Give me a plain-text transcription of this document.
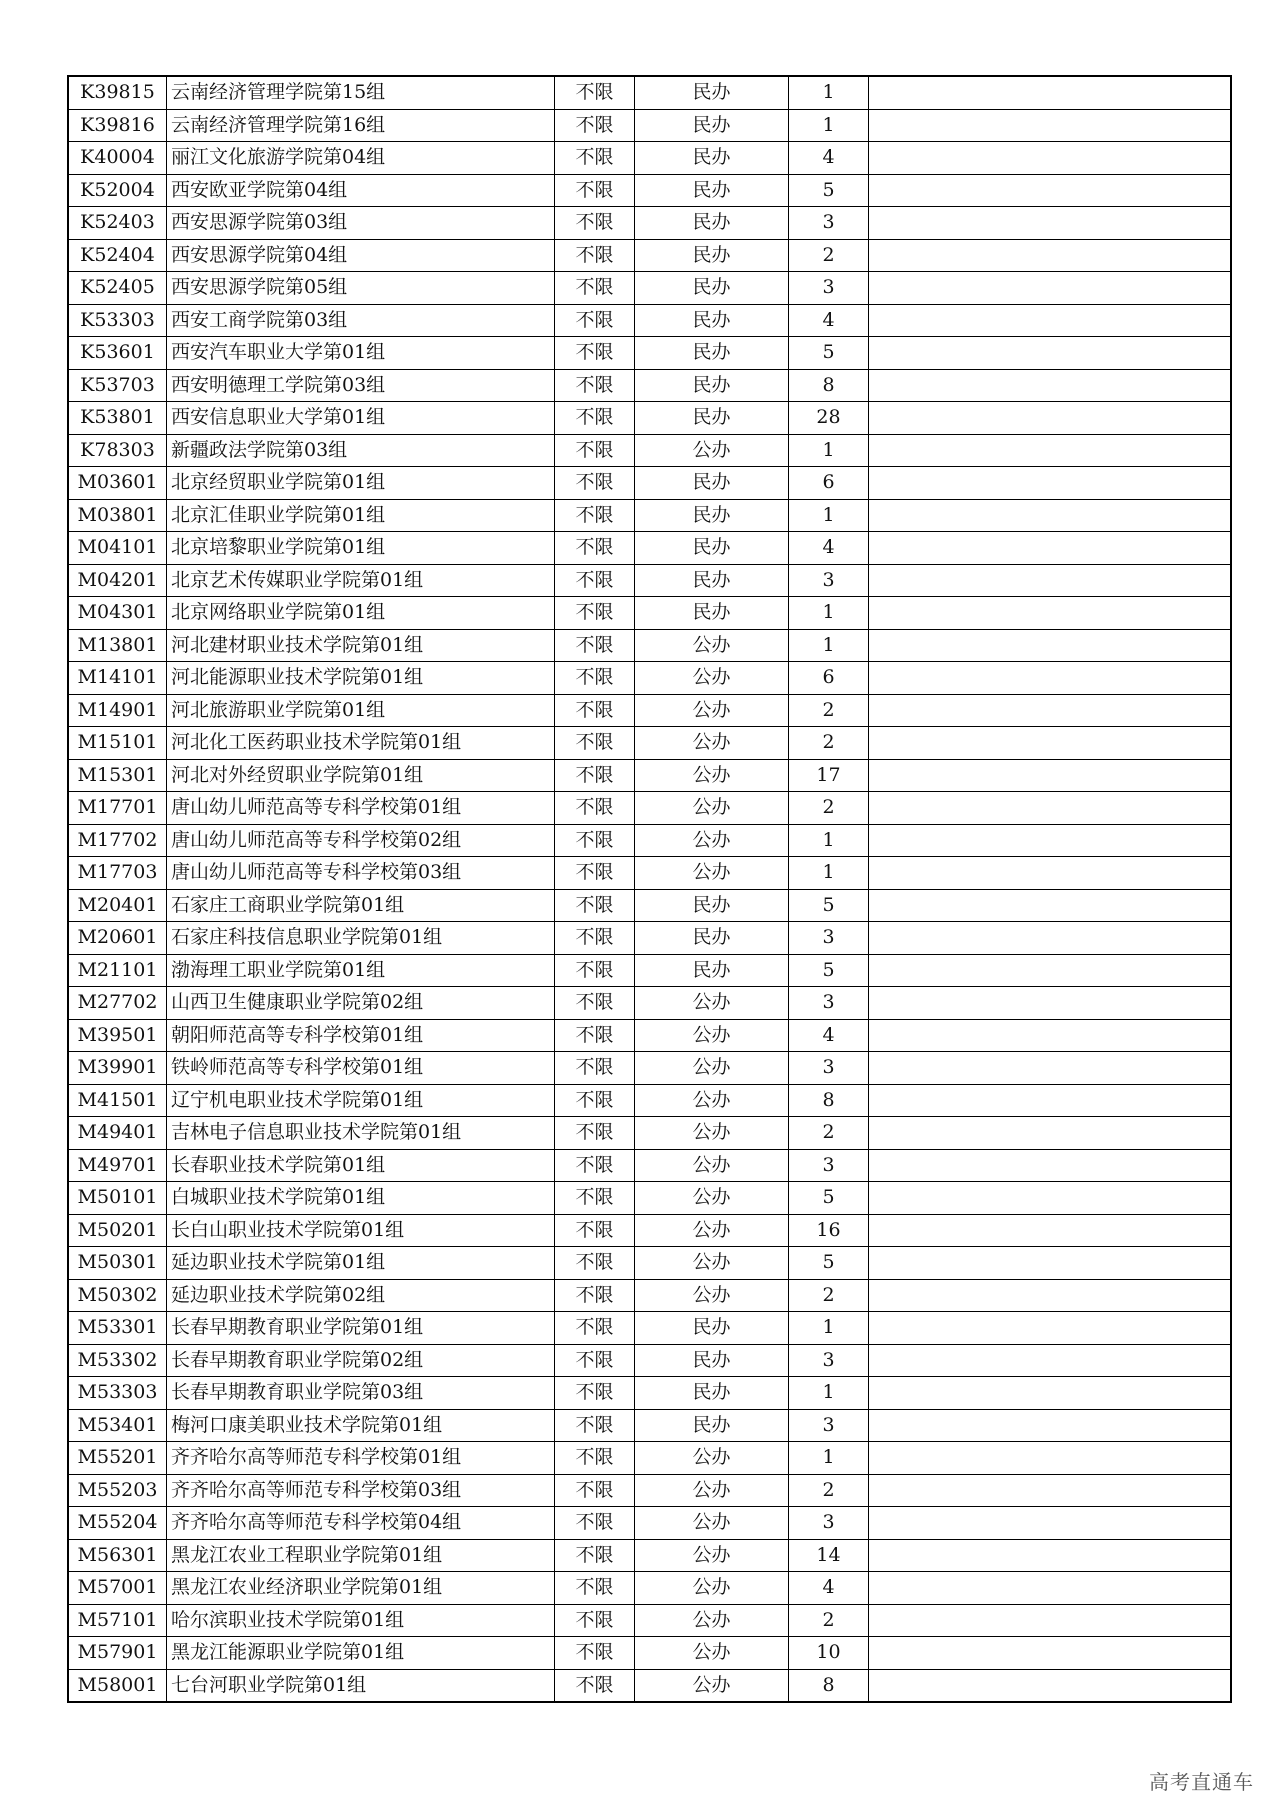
K39815	云南经济管理学院第15组	不限	民办	1	
K39816	云南经济管理学院第16组	不限	民办	1	
K40004	丽江文化旅游学院第04组	不限	民办	4	
K52004	西安欧亚学院第04组	不限	民办	5	
K52403	西安思源学院第03组	不限	民办	3	
K52404	西安思源学院第04组	不限	民办	2	
K52405	西安思源学院第05组	不限	民办	3	
K53303	西安工商学院第03组	不限	民办	4	
K53601	西安汽车职业大学第01组	不限	民办	5	
K53703	西安明德理工学院第03组	不限	民办	8	
K53801	西安信息职业大学第01组	不限	民办	28	
K78303	新疆政法学院第03组	不限	公办	1	
M03601	北京经贸职业学院第01组	不限	民办	6	
M03801	北京汇佳职业学院第01组	不限	民办	1	
M04101	北京培黎职业学院第01组	不限	民办	4	
M04201	北京艺术传媒职业学院第01组	不限	民办	3	
M04301	北京网络职业学院第01组	不限	民办	1	
M13801	河北建材职业技术学院第01组	不限	公办	1	
M14101	河北能源职业技术学院第01组	不限	公办	6	
M14901	河北旅游职业学院第01组	不限	公办	2	
M15101	河北化工医药职业技术学院第01组	不限	公办	2	
M15301	河北对外经贸职业学院第01组	不限	公办	17	
M17701	唐山幼儿师范高等专科学校第01组	不限	公办	2	
M17702	唐山幼儿师范高等专科学校第02组	不限	公办	1	
M17703	唐山幼儿师范高等专科学校第03组	不限	公办	1	
M20401	石家庄工商职业学院第01组	不限	民办	5	
M20601	石家庄科技信息职业学院第01组	不限	民办	3	
M21101	渤海理工职业学院第01组	不限	民办	5	
M27702	山西卫生健康职业学院第02组	不限	公办	3	
M39501	朝阳师范高等专科学校第01组	不限	公办	4	
M39901	铁岭师范高等专科学校第01组	不限	公办	3	
M41501	辽宁机电职业技术学院第01组	不限	公办	8	
M49401	吉林电子信息职业技术学院第01组	不限	公办	2	
M49701	长春职业技术学院第01组	不限	公办	3	
M50101	白城职业技术学院第01组	不限	公办	5	
M50201	长白山职业技术学院第01组	不限	公办	16	
M50301	延边职业技术学院第01组	不限	公办	5	
M50302	延边职业技术学院第02组	不限	公办	2	
M53301	长春早期教育职业学院第01组	不限	民办	1	
M53302	长春早期教育职业学院第02组	不限	民办	3	
M53303	长春早期教育职业学院第03组	不限	民办	1	
M53401	梅河口康美职业技术学院第01组	不限	民办	3	
M55201	齐齐哈尔高等师范专科学校第01组	不限	公办	1	
M55203	齐齐哈尔高等师范专科学校第03组	不限	公办	2	
M55204	齐齐哈尔高等师范专科学校第04组	不限	公办	3	
M56301	黑龙江农业工程职业学院第01组	不限	公办	14	
M57001	黑龙江农业经济职业学院第01组	不限	公办	4	
M57101	哈尔滨职业技术学院第01组	不限	公办	2	
M57901	黑龙江能源职业学院第01组	不限	公办	10	
M58001	七台河职业学院第01组	不限	公办	8	
高考直通车
